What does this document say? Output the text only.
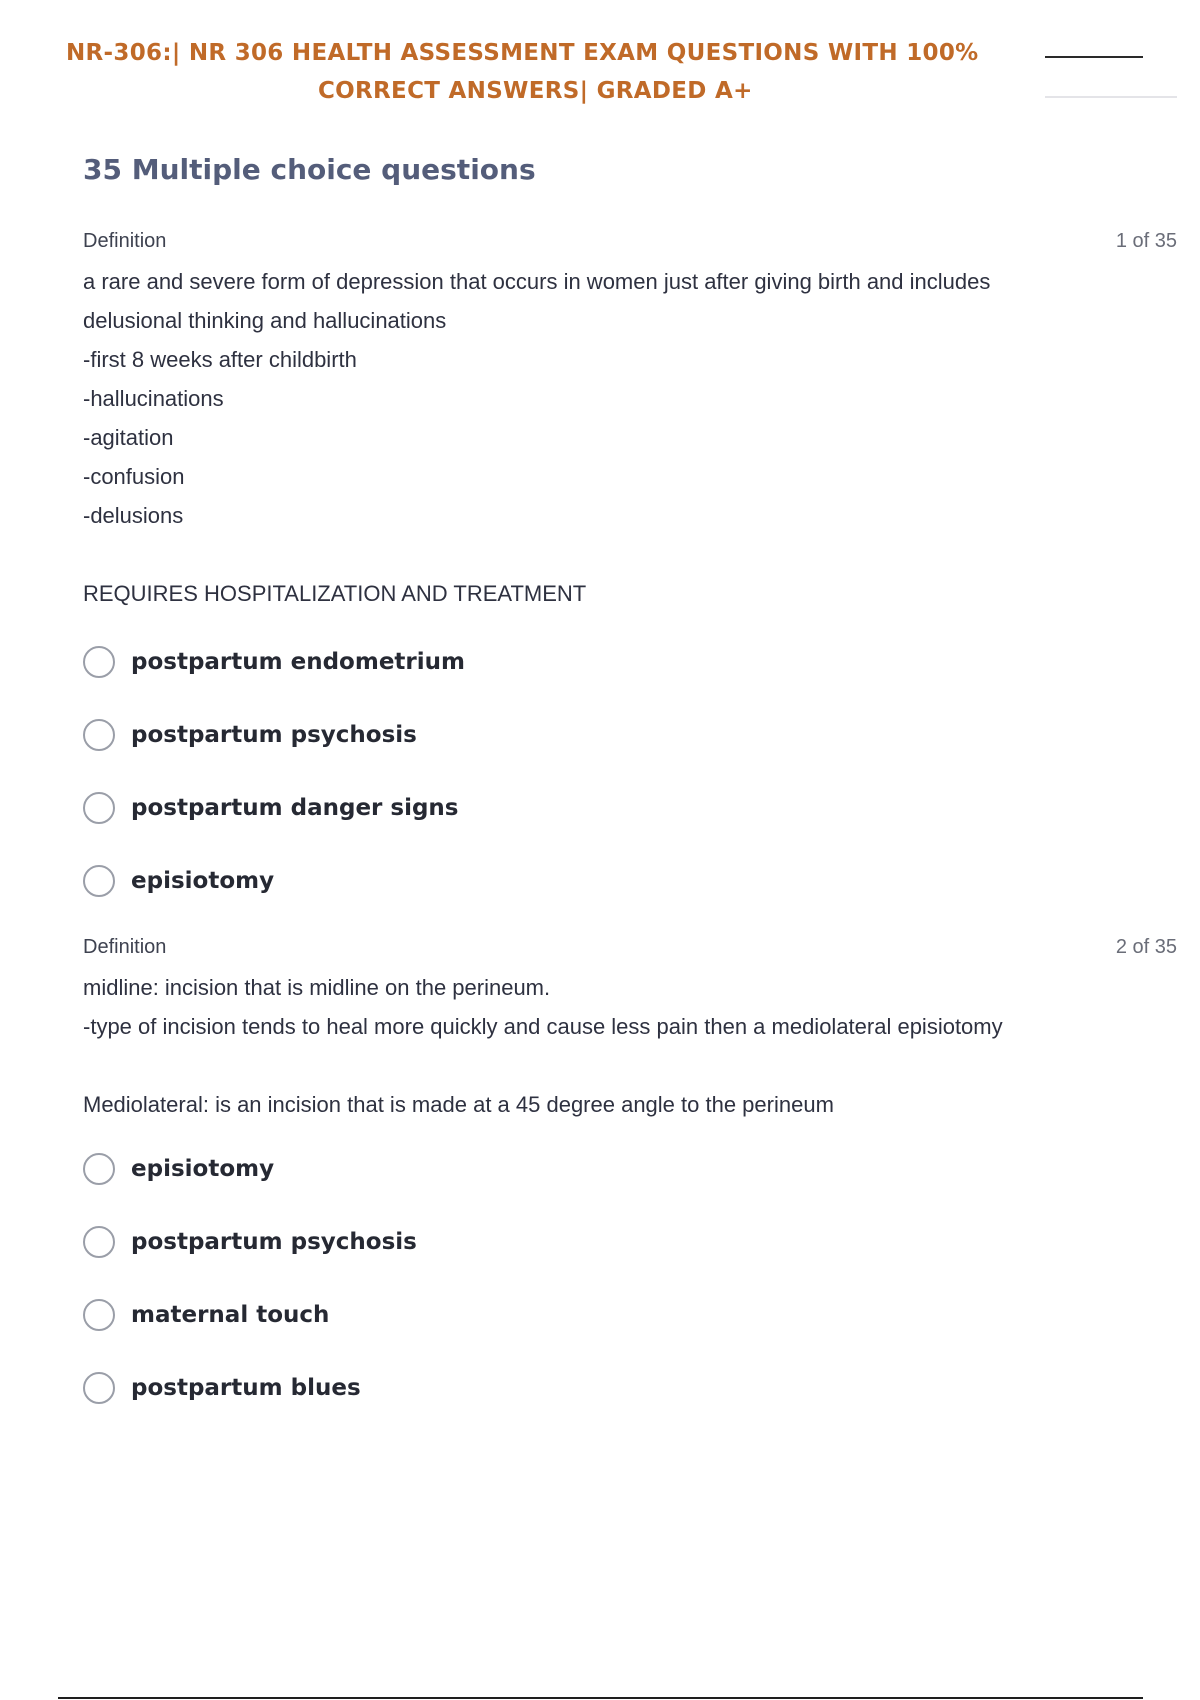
NR-306:| NR 306 HEALTH ASSESSMENT EXAM QUESTIONS WITH 100%
CORRECT ANSWERS| GRADED A+
35 Multiple choice questions
Definition	1 of 35
a rare and severe form of depression that occurs in women just after giving birth and includes
delusional thinking and hallucinations
-first 8 weeks after childbirth
-hallucinations
-agitation
-confusion
-delusions
REQUIRES HOSPITALIZATION AND TREATMENT
postpartum endometrium
postpartum psychosis
postpartum danger signs
episiotomy
Definition	2 of 35
midline: incision that is midline on the perineum.
-type of incision tends to heal more quickly and cause less pain then a mediolateral episiotomy
Mediolateral: is an incision that is made at a 45 degree angle to the perineum
episiotomy
postpartum psychosis
maternal touch
postpartum blues
